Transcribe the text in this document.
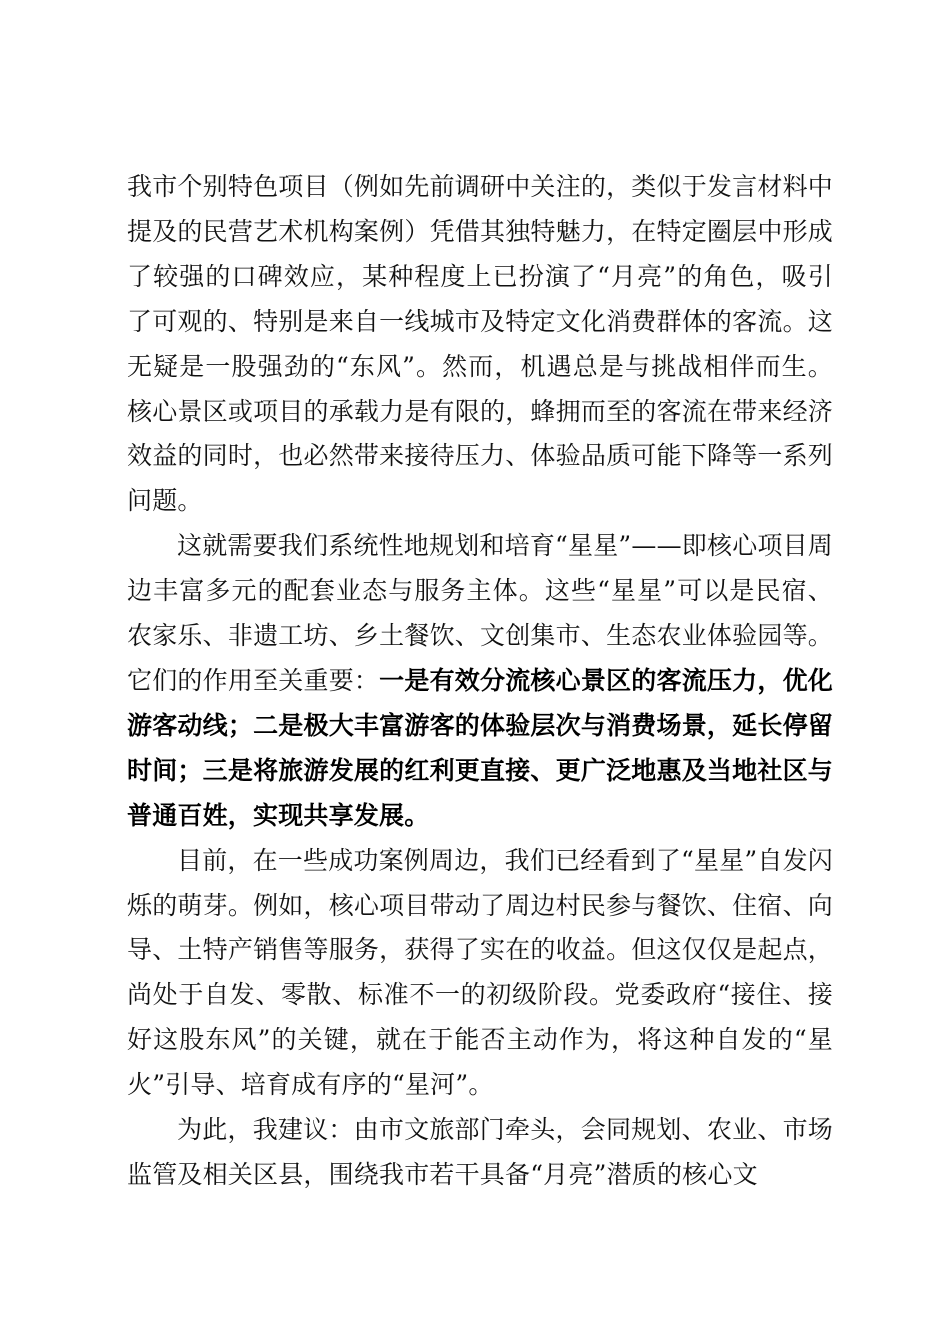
我市个别特色项目（例如先前调研中关注的，类似于发言材料中提及的民营艺术机构案例）凭借其独特魅力，在特定圈层中形成了较强的口碑效应，某种程度上已扮演了“月亮”的角色，吸引了可观的、特别是来自一线城市及特定文化消费群体的客流。这无疑是一股强劲的“东风”。然而，机遇总是与挑战相伴而生。核心景区或项目的承载力是有限的，蜂拥而至的客流在带来经济效益的同时，也必然带来接待压力、体验品质可能下降等一系列问题。

这就需要我们系统性地规划和培育“星星”——即核心项目周边丰富多元的配套业态与服务主体。这些“星星”可以是民宿、农家乐、非遗工坊、乡土餐饮、文创集市、生态农业体验园等。它们的作用至关重要：一是有效分流核心景区的客流压力，优化游客动线；二是极大丰富游客的体验层次与消费场景，延长停留时间；三是将旅游发展的红利更直接、更广泛地惠及当地社区与普通百姓，实现共享发展。

目前，在一些成功案例周边，我们已经看到了“星星”自发闪烁的萌芽。例如，核心项目带动了周边村民参与餐饮、住宿、向导、土特产销售等服务，获得了实在的收益。但这仅仅是起点，尚处于自发、零散、标准不一的初级阶段。党委政府“接住、接好这股东风”的关键，就在于能否主动作为，将这种自发的“星火”引导、培育成有序的“星河”。

为此，我建议：由市文旅部门牵头，会同规划、农业、市场监管及相关区县，围绕我市若干具备“月亮”潜质的核心文
